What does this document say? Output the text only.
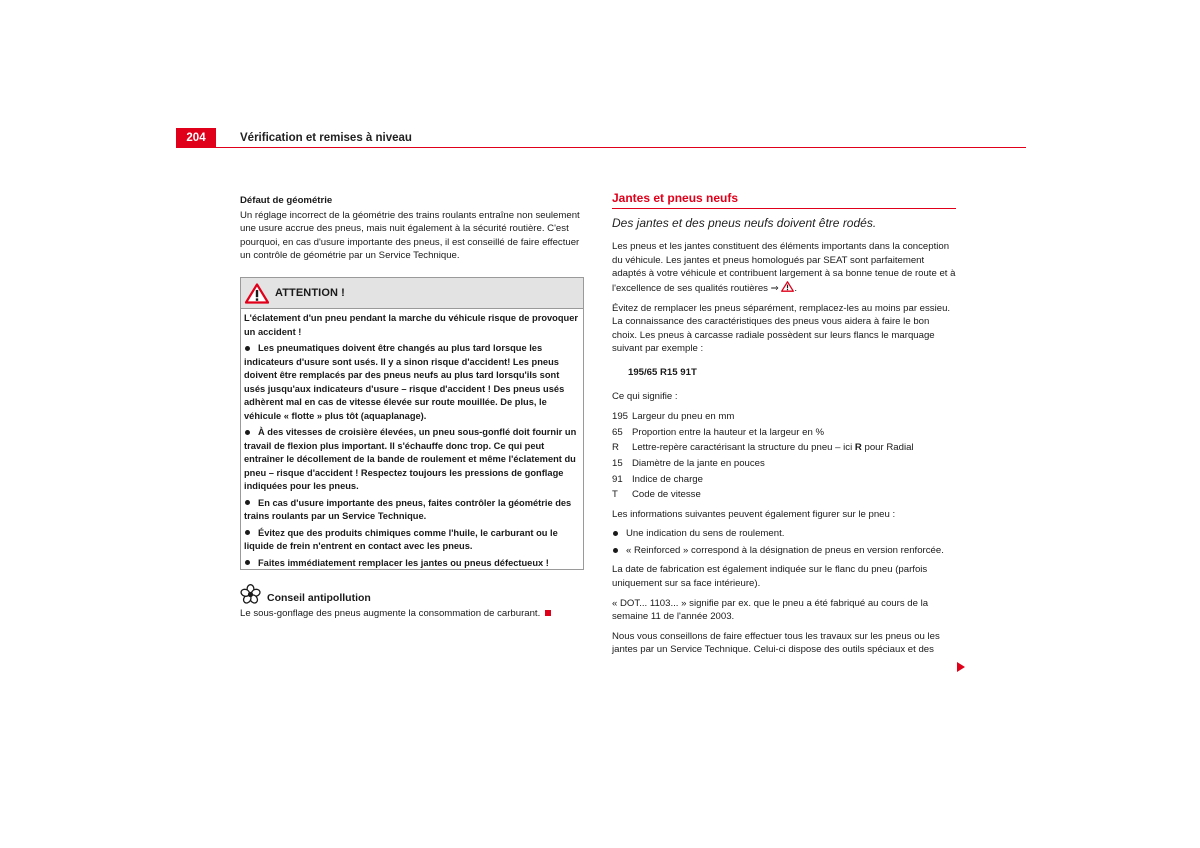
204	Vérification et remises à niveau

Défaut de géométrie

Un réglage incorrect de la géométrie des trains roulants entraîne non seulement une usure accrue des pneus, mais nuit également à la sécurité routière. C'est pourquoi, en cas d'usure importante des pneus, il est conseillé de faire effectuer un contrôle de géométrie par un Service Technique.

ATTENTION !

L'éclatement d'un pneu pendant la marche du véhicule risque de provoquer un accident !

Les pneumatiques doivent être changés au plus tard lorsque les indicateurs d'usure sont usés. Il y a sinon risque d'accident! Les pneus doivent être remplacés par des pneus neufs au plus tard lorsqu'ils sont usés jusqu'aux indicateurs d'usure – risque d'accident ! Des pneus usés adhèrent mal en cas de vitesse élevée sur route mouillée. De plus, le véhicule « flotte » plus tôt (aquaplanage).

À des vitesses de croisière élevées, un pneu sous-gonflé doit fournir un travail de flexion plus important. Il s'échauffe donc trop. Ce qui peut entraîner le décollement de la bande de roulement et même l'éclatement du pneu – risque d'accident ! Respectez toujours les pressions de gonflage indiquées pour les pneus.

En cas d'usure importante des pneus, faites contrôler la géométrie des trains roulants par un Service Technique.

Évitez que des produits chimiques comme l'huile, le carburant ou le liquide de frein n'entrent en contact avec les pneus.

Faites immédiatement remplacer les jantes ou pneus défectueux !

Conseil antipollution
Le sous-gonflage des pneus augmente la consommation de carburant.

Jantes et pneus neufs

Des jantes et des pneus neufs doivent être rodés.

Les pneus et les jantes constituent des éléments importants dans la conception du véhicule. Les jantes et pneus homologués par SEAT sont parfaitement adaptés à votre véhicule et contribuent largement à sa bonne tenue de route et à l'excellence de ses qualités routières ⇒ .

Évitez de remplacer les pneus séparément, remplacez-les au moins par essieu. La connaissance des caractéristiques des pneus vous aidera à faire le bon choix. Les pneus à carcasse radiale possèdent sur leurs flancs le marquage suivant par exemple :

195/65 R15 91T

Ce qui signifie :

195 Largeur du pneu en mm
65 Proportion entre la hauteur et la largeur en %
R	Lettre-repère caractérisant la structure du pneu – ici R pour Radial
15 Diamètre de la jante en pouces
91 Indice de charge
T	Code de vitesse

Les informations suivantes peuvent également figurer sur le pneu :

Une indication du sens de roulement.
« Reinforced » correspond à la désignation de pneus en version renforcée.

La date de fabrication est également indiquée sur le flanc du pneu (parfois uniquement sur sa face intérieure).

« DOT... 1103... » signifie par ex. que le pneu a été fabriqué au cours de la semaine 11 de l'année 2003.

Nous vous conseillons de faire effectuer tous les travaux sur les pneus ou les jantes par un Service Technique. Celui-ci dispose des outils spéciaux et des
